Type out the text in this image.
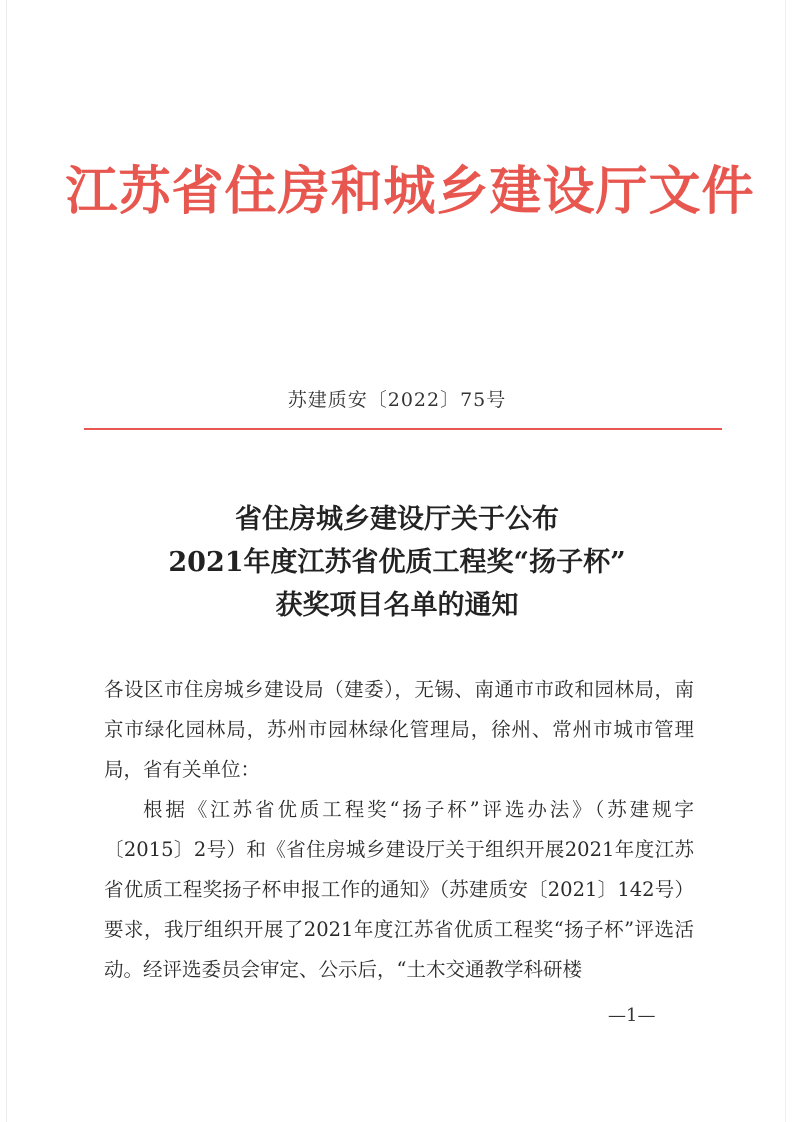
江苏省住房和城乡建设厅文件
苏建质安〔2022〕75号
省住房城乡建设厅关于公布
2021年度江苏省优质工程奖“扬子杯”
获奖项目名单的通知

各设区市住房城乡建设局（建委），无锡、南通市市政和园林局，南京市绿化园林局，苏州市园林绿化管理局，徐州、常州市城市管理局，省有关单位：

根据《江苏省优质工程奖“扬子杯”评选办法》（苏建规字〔2015〕2号）和《省住房城乡建设厅关于组织开展2021年度江苏省优质工程奖扬子杯申报工作的通知》（苏建质安〔2021〕142号）要求，我厅组织开展了2021年度江苏省优质工程奖“扬子杯”评选活动。经评选委员会审定、公示后，“土木交通教学科研楼

—1—
